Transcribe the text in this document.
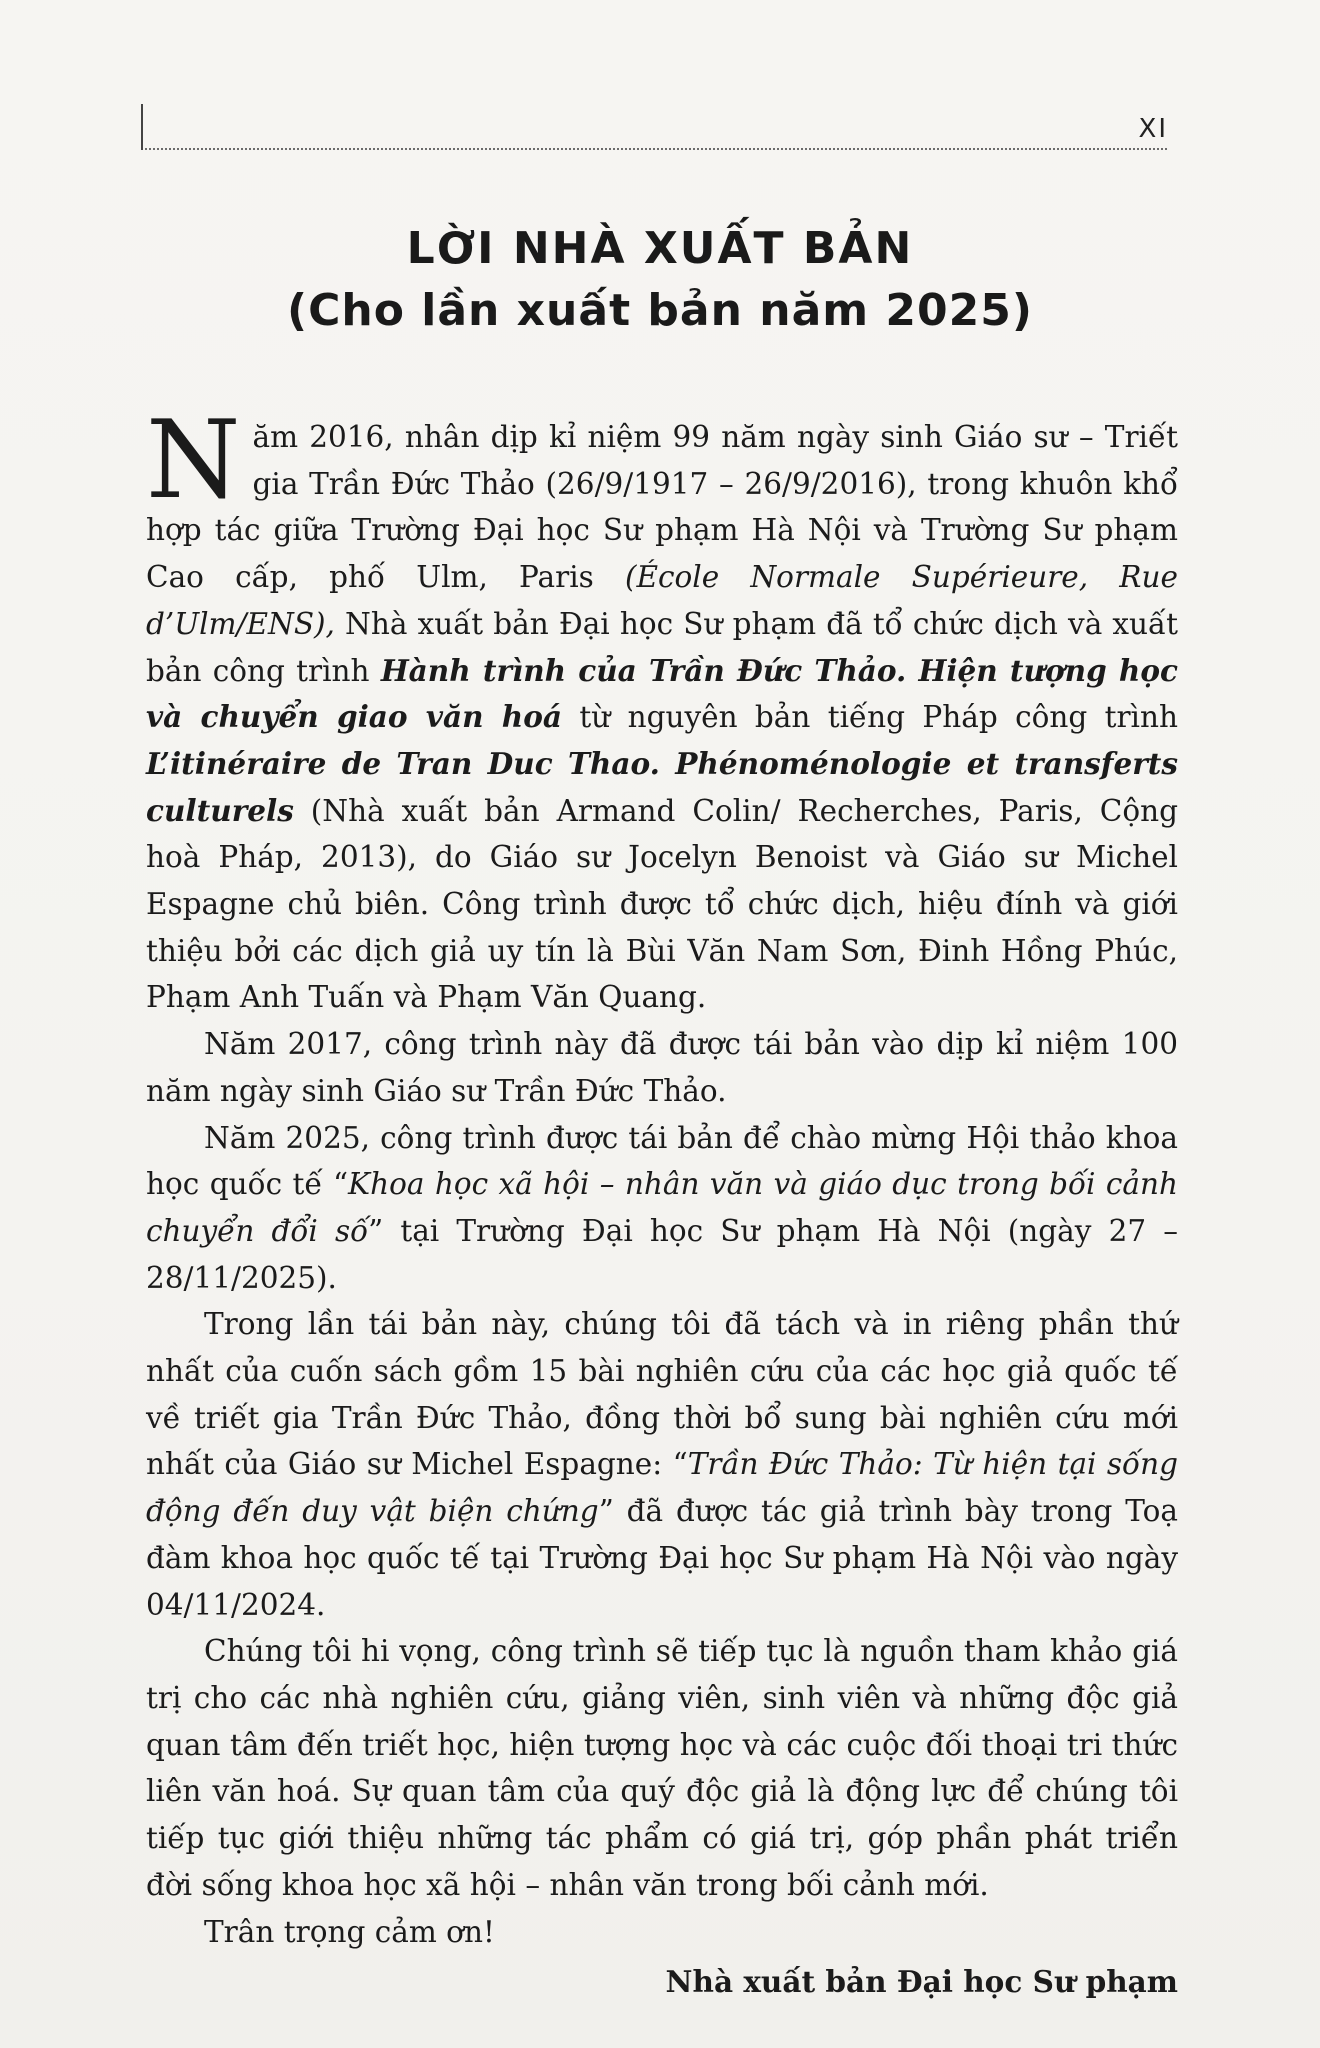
XI
LỜI NHÀ XUẤT BẢN
(Cho lần xuất bản năm 2025)

Năm 2016, nhân dịp kỉ niệm 99 năm ngày sinh Giáo sư – Triết gia Trần Đức Thảo (26/9/1917 – 26/9/2016), trong khuôn khổ hợp tác giữa Trường Đại học Sư phạm Hà Nội và Trường Sư phạm Cao cấp, phố Ulm, Paris (École Normale Supérieure, Rue d’Ulm/ENS), Nhà xuất bản Đại học Sư phạm đã tổ chức dịch và xuất bản công trình Hành trình của Trần Đức Thảo. Hiện tượng học và chuyển giao văn hoá từ nguyên bản tiếng Pháp công trình L’itinéraire de Tran Duc Thao. Phénoménologie et transferts culturels (Nhà xuất bản Armand Colin/ Recherches, Paris, Cộng hoà Pháp, 2013), do Giáo sư Jocelyn Benoist và Giáo sư Michel Espagne chủ biên. Công trình được tổ chức dịch, hiệu đính và giới thiệu bởi các dịch giả uy tín là Bùi Văn Nam Sơn, Đinh Hồng Phúc, Phạm Anh Tuấn và Phạm Văn Quang.

Năm 2017, công trình này đã được tái bản vào dịp kỉ niệm 100 năm ngày sinh Giáo sư Trần Đức Thảo.

Năm 2025, công trình được tái bản để chào mừng Hội thảo khoa học quốc tế “Khoa học xã hội – nhân văn và giáo dục trong bối cảnh chuyển đổi số” tại Trường Đại học Sư phạm Hà Nội (ngày 27 – 28/11/2025).

Trong lần tái bản này, chúng tôi đã tách và in riêng phần thứ nhất của cuốn sách gồm 15 bài nghiên cứu của các học giả quốc tế về triết gia Trần Đức Thảo, đồng thời bổ sung bài nghiên cứu mới nhất của Giáo sư Michel Espagne: “Trần Đức Thảo: Từ hiện tại sống động đến duy vật biện chứng” đã được tác giả trình bày trong Toạ đàm khoa học quốc tế tại Trường Đại học Sư phạm Hà Nội vào ngày 04/11/2024.

Chúng tôi hi vọng, công trình sẽ tiếp tục là nguồn tham khảo giá trị cho các nhà nghiên cứu, giảng viên, sinh viên và những độc giả quan tâm đến triết học, hiện tượng học và các cuộc đối thoại tri thức liên văn hoá. Sự quan tâm của quý độc giả là động lực để chúng tôi tiếp tục giới thiệu những tác phẩm có giá trị, góp phần phát triển đời sống khoa học xã hội – nhân văn trong bối cảnh mới.

Trân trọng cảm ơn!

Nhà xuất bản Đại học Sư phạm
